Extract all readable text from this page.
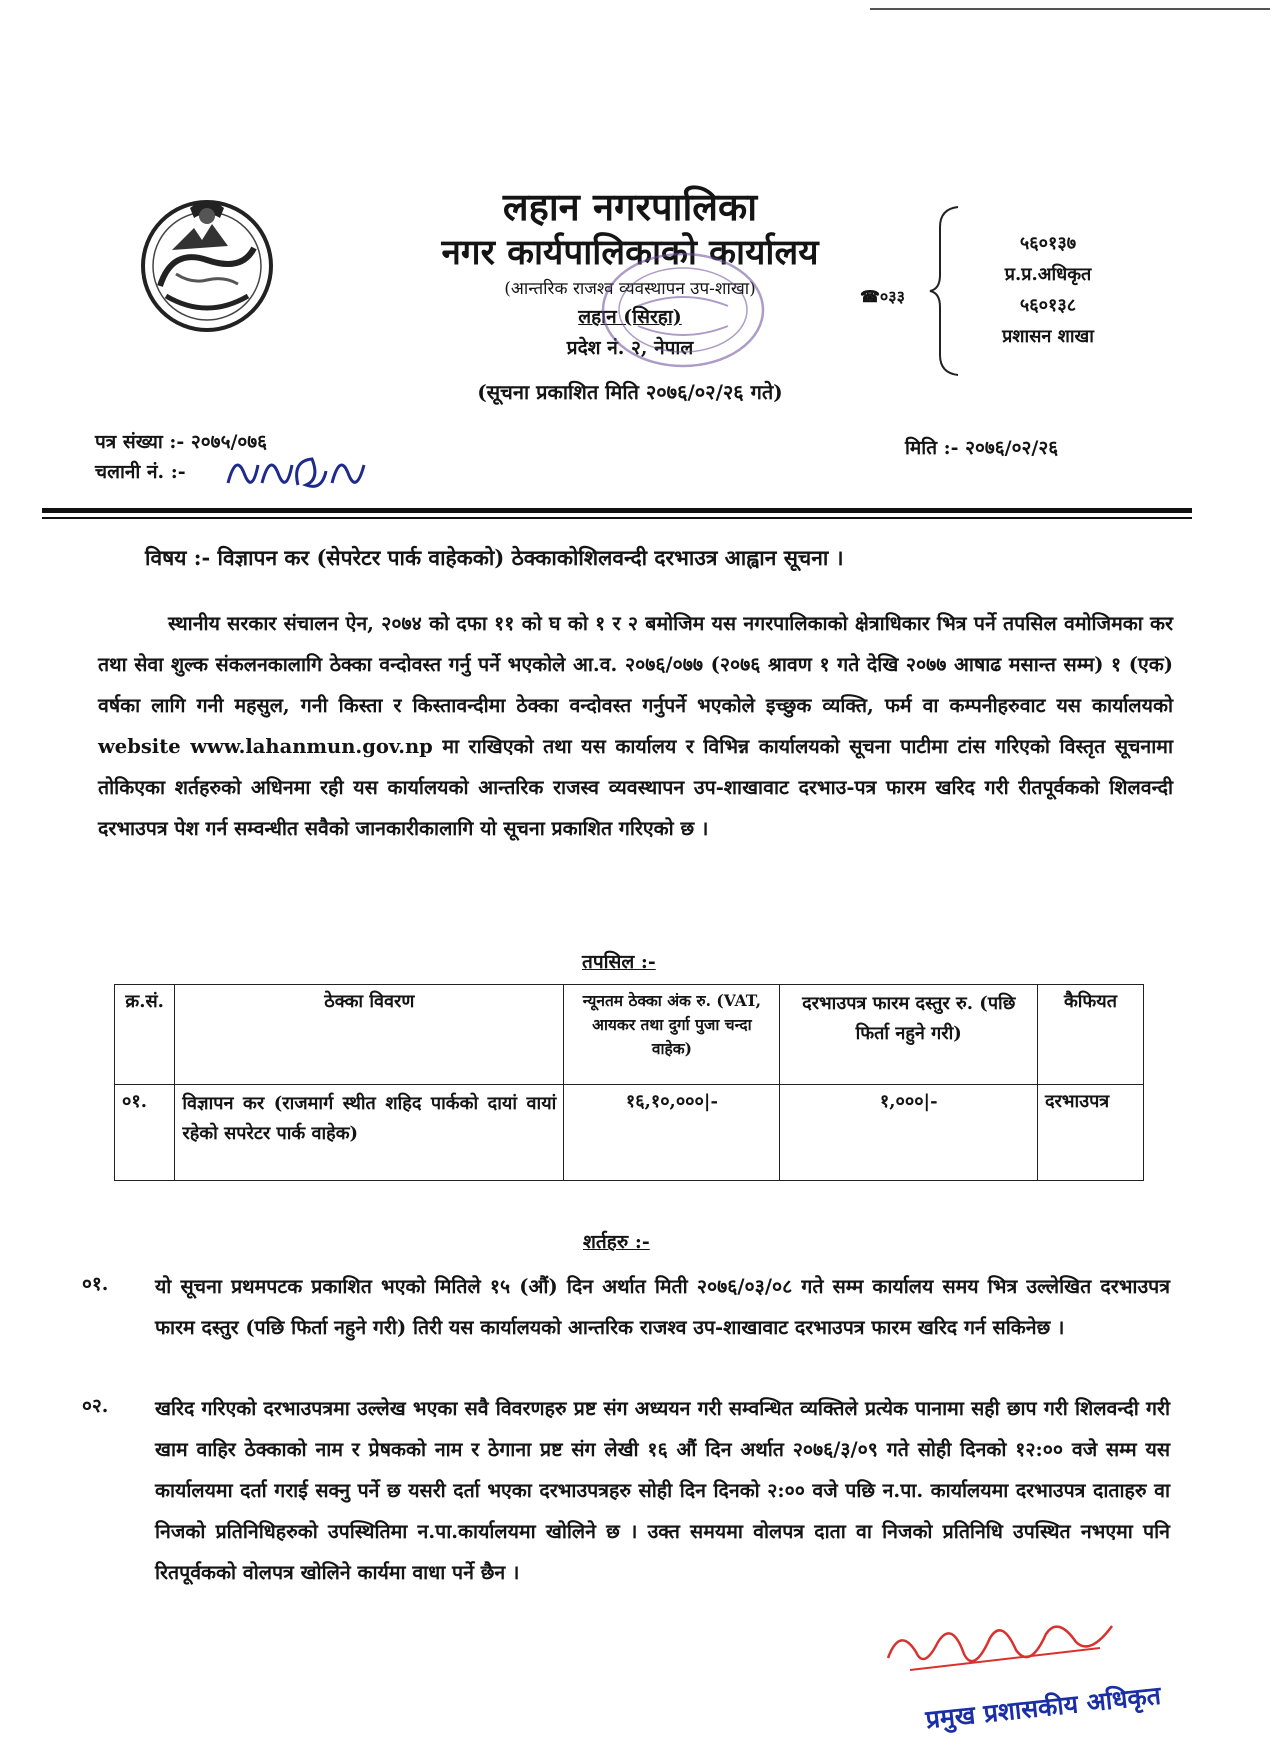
लहान नगरपालिका
नगर कार्यपालिकाको कार्यालय
(आन्तरिक राजश्व व्यवस्थापन उप-शाखा)
लहान (सिरहा)
प्रदेश नं. २, नेपाल
(सूचना प्रकाशित मिति २०७६/०२/२६ गते)
☎०३३
५६०१३७
प्र.प्र.अधिकृत
५६०१३८
प्रशासन शाखा
पत्र संख्या :- २०७५/०७६
चलानी नं. :-
मिति :- २०७६/०२/२६
विषय :- विज्ञापन कर (सेपरेटर पार्क वाहेकको) ठेक्काकोशिलवन्दी दरभाउत्र आह्वान सूचना ।
स्थानीय सरकार संचालन ऐन, २०७४ को दफा ११ को घ को १ र २ बमोजिम यस नगरपालिकाको क्षेत्राधिकार भित्र पर्ने तपसिल वमोजिमका कर तथा सेवा शुल्क संकलनकालागि ठेक्का वन्दोवस्त गर्नु पर्ने भएकोले आ.व. २०७६/०७७ (२०७६ श्रावण १ गते देखि २०७७ आषाढ मसान्त सम्म) १ (एक) वर्षका लागि गनी महसुल, गनी किस्ता र किस्तावन्दीमा ठेक्का वन्दोवस्त गर्नुपर्ने भएकोले इच्छुक व्यक्ति, फर्म वा कम्पनीहरुवाट यस कार्यालयको website www.lahanmun.gov.np मा राखिएको तथा यस कार्यालय र विभिन्न कार्यालयको सूचना पाटीमा टांस गरिएको विस्तृत सूचनामा तोकिएका शर्तहरुको अधिनमा रही यस कार्यालयको आन्तरिक राजस्व व्यवस्थापन उप-शाखावाट दरभाउ-पत्र फारम खरिद गरी रीतपूर्वकको शिलवन्दी दरभाउपत्र पेश गर्न सम्वन्धीत सवैको जानकारीकालागि यो सूचना प्रकाशित गरिएको छ ।
तपसिल :-
क्र.सं.	ठेक्का विवरण	न्यूनतम ठेक्का अंक रु. (VAT, आयकर तथा दुर्गा पुजा चन्दा वाहेक)	दरभाउपत्र फारम दस्तुर रु. (पछि फिर्ता नहुने गरी)	कैफियत
०१.	विज्ञापन कर (राजमार्ग स्थीत शहिद पार्कको दायां वायां रहेको सपरेटर पार्क वाहेक)	१६,१०,०००|-	१,०००|-	दरभाउपत्र
शर्तहरु :-
०१. यो सूचना प्रथमपटक प्रकाशित भएको मितिले १५ (औं) दिन अर्थात मिती २०७६/०३/०८ गते सम्म कार्यालय समय भित्र उल्लेखित दरभाउपत्र फारम दस्तुर (पछि फिर्ता नहुने गरी) तिरी यस कार्यालयको आन्तरिक राजश्व उप-शाखावाट दरभाउपत्र फारम खरिद गर्न सकिनेछ ।
०२. खरिद गरिएको दरभाउपत्रमा उल्लेख भएका सवै विवरणहरु प्रष्ट संग अध्ययन गरी सम्वन्धित व्यक्तिले प्रत्येक पानामा सही छाप गरी शिलवन्दी गरी खाम वाहिर ठेक्काको नाम र प्रेषकको नाम र ठेगाना प्रष्ट संग लेखी १६ औं दिन अर्थात २०७६/३/०९ गते सोही दिनको १२:०० वजे सम्म यस कार्यालयमा दर्ता गराई सक्नु पर्ने छ यसरी दर्ता भएका दरभाउपत्रहरु सोही दिन दिनको २:०० वजे पछि न.पा. कार्यालयमा दरभाउपत्र दाताहरु वा निजको प्रतिनिधिहरुको उपस्थितिमा न.पा.कार्यालयमा खोलिने छ । उक्त समयमा वोलपत्र दाता वा निजको प्रतिनिधि उपस्थित नभएमा पनि रितपूर्वकको वोलपत्र खोलिने कार्यमा वाधा पर्ने छैन ।
प्रमुख प्रशासकीय अधिकृत
